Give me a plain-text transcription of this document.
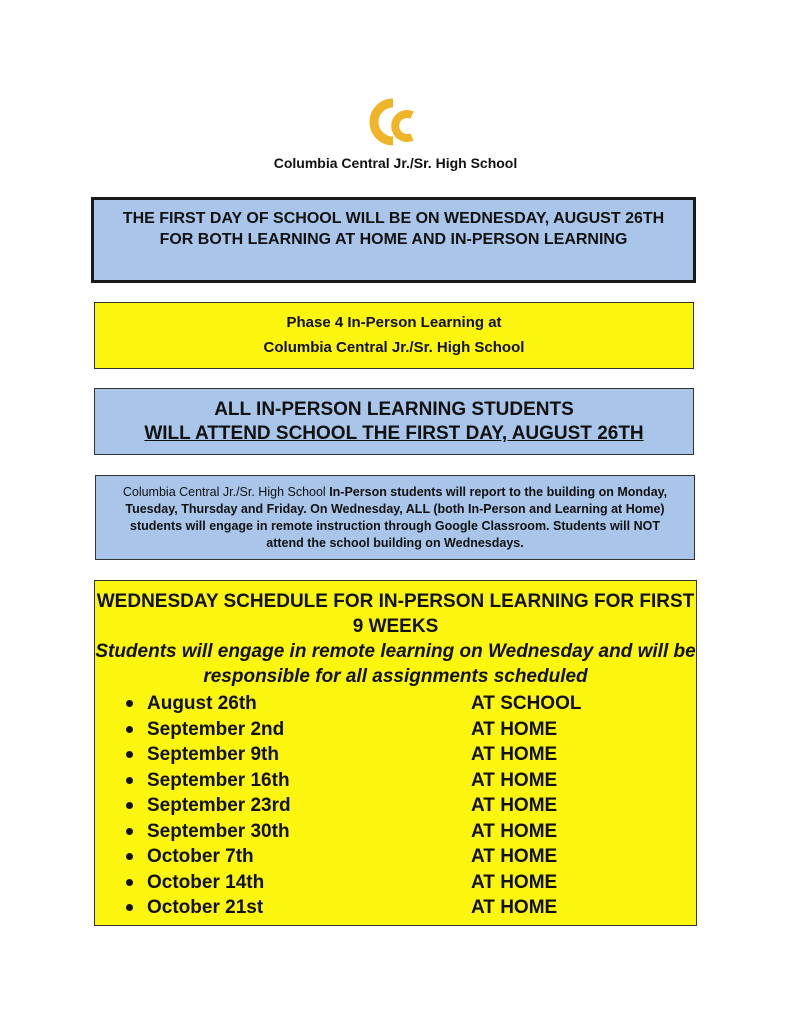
CC
Columbia Central Jr./Sr. High School
THE FIRST DAY OF SCHOOL WILL BE ON WEDNESDAY, AUGUST 26TH
FOR BOTH LEARNING AT HOME AND IN-PERSON LEARNING
Phase 4 In-Person Learning at
Columbia Central Jr./Sr. High School
ALL IN-PERSON LEARNING STUDENTS
WILL ATTEND SCHOOL THE FIRST DAY, AUGUST 26TH
Columbia Central Jr./Sr. High School In-Person students will report to the building on Monday, Tuesday, Thursday and Friday. On Wednesday, ALL (both In-Person and Learning at Home) students will engage in remote instruction through Google Classroom. Students will NOT attend the school building on Wednesdays.
WEDNESDAY SCHEDULE FOR IN-PERSON LEARNING FOR FIRST 9 WEEKS
Students will engage in remote learning on Wednesday and will be responsible for all assignments scheduled
August 26th	AT SCHOOL
September 2nd	AT HOME
September 9th	AT HOME
September 16th	AT HOME
September 23rd	AT HOME
September 30th	AT HOME
October 7th	AT HOME
October 14th	AT HOME
October 21st	AT HOME
